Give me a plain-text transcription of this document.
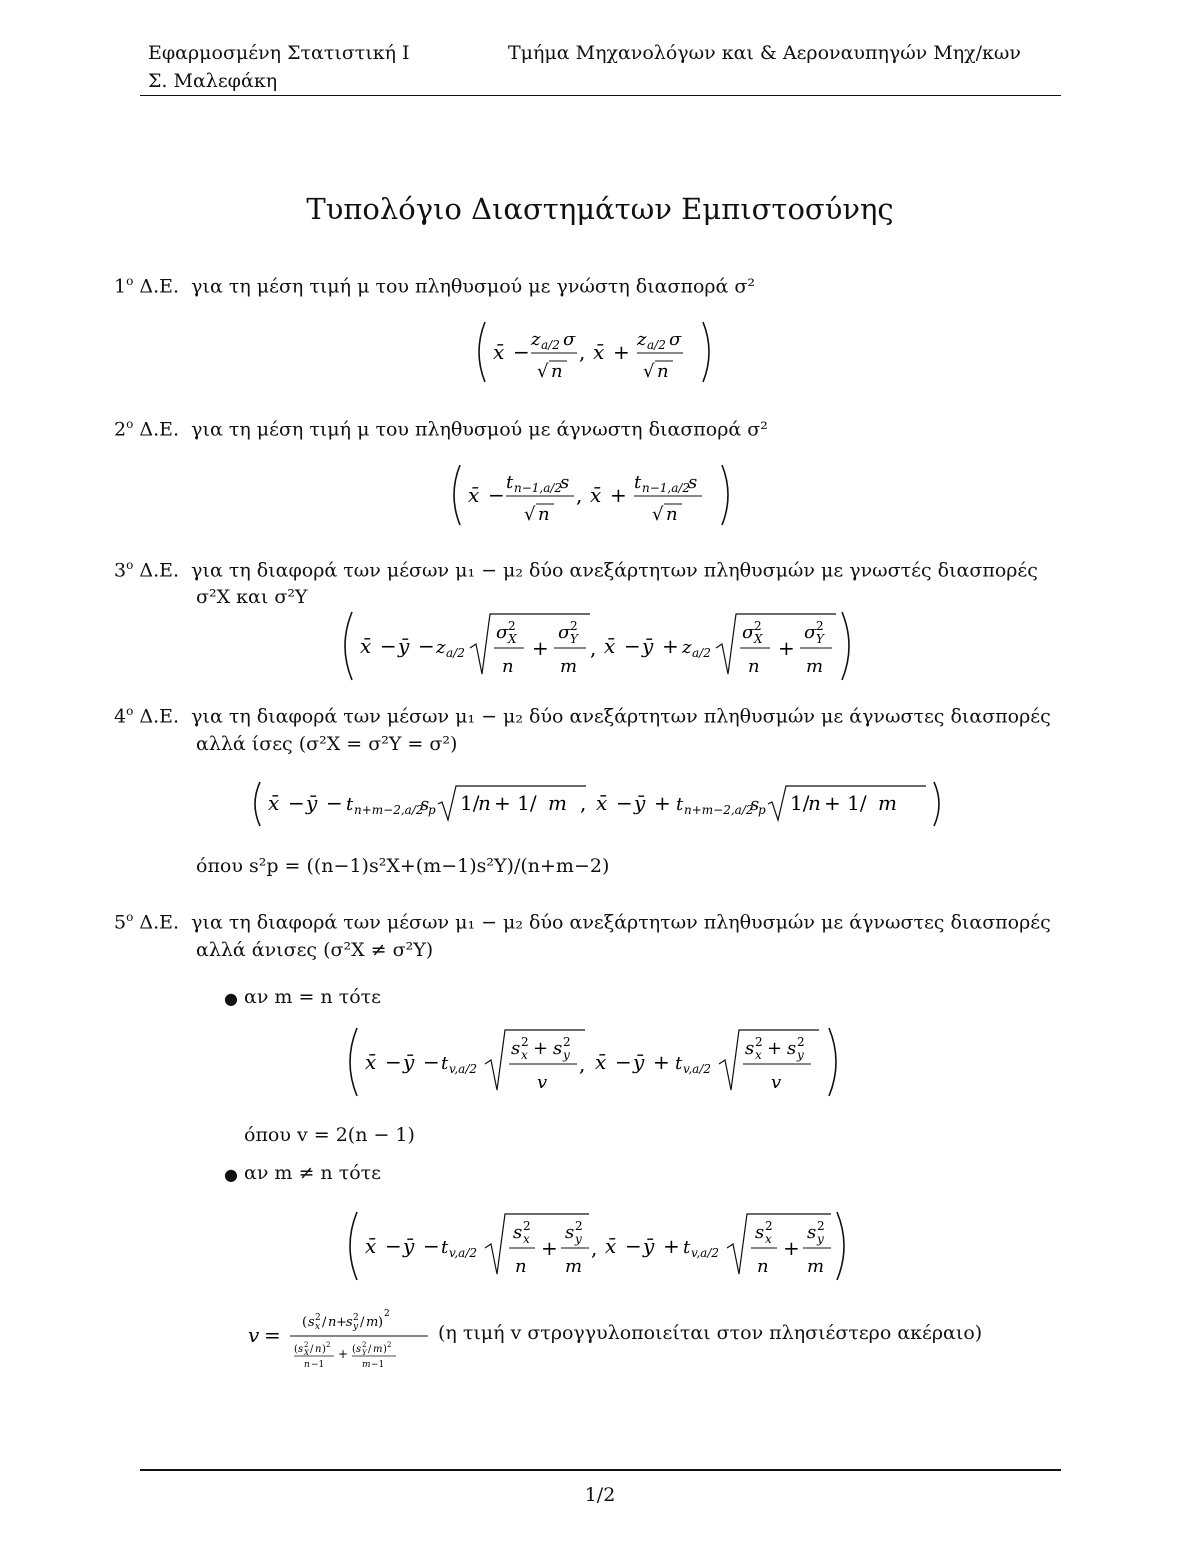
Εφαρμοσμένη Στατιστική Ι	Τμήμα Μηχανολόγων και & Αεροναυπηγών Μηχ/κων
Σ. Μαλεφάκη
Τυπολόγιο Διαστημάτων Εμπιστοσύνης
$1^o$ Δ.Ε. για τη μέση τιμή μ του πληθυσμού με γνώστη διασπορά σ²
x̄ −
z a/2 σ
√ n
, x̄ +
z a/2 σ
√ n
$2^o$ Δ.Ε. για τη μέση τιμή μ του πληθυσμού με άγνωστη διασπορά σ²
x̄ −
t n−1,a/2
s
√ n
, x̄ +
t n−1,a/2
s
√ n
$3^o$ Δ.Ε. για τη διαφορά των μέσων μ₁ − μ₂ δύο ανεξάρτητων πληθυσμών με γνωστές διασπορές
σ²X και σ²Y
x̄ − ȳ − z a/2
σ 2
X
n
+
σ 2
Y
m
, x̄ − ȳ + z a/2
σ 2
X
n
+
σ 2
Y
m
$4^o$ Δ.Ε. για τη διαφορά των μέσων μ₁ − μ₂ δύο ανεξάρτητων πληθυσμών με άγνωστες διασπορές
αλλά ίσες (σ²X = σ²Y = σ²)
x̄ − ȳ − t n+m−2,a/2
s
p 1/
n + 1/ m , x̄ − ȳ + t n+m−2,a/2
s
p 1/
n + 1/ m
όπου s²p = ((n−1)s²X+(m−1)s²Y)/(n+m−2)
$5^o$ Δ.Ε. για τη διαφορά των μέσων μ₁ − μ₂ δύο ανεξάρτητων πληθυσμών με άγνωστες διασπορές
αλλά άνισες (σ²X ≠ σ²Y)
● αν m = n τότε
x̄ − ȳ − t v,a/2
s 2
x + s 2
y
v
, x̄ − ȳ + t v,a/2
s 2
x + s 2
y
v
όπου v = 2(n − 1)
● αν m ≠ n τότε
x̄ − ȳ − t v,a/2
s 2
x
n
+
s 2
y
m
, x̄ − ȳ + t v,a/2
s 2
x
n
+
s 2
y
m
v =
( s 2
x / n + s 2
y / m )
2
( s 2
X / n ) 2
n −1
+ ( s 2
Y / m ) 2
m −1
(η τιμή v στρογγυλοποιείται στον πλησιέστερο ακέραιο)
1/2
